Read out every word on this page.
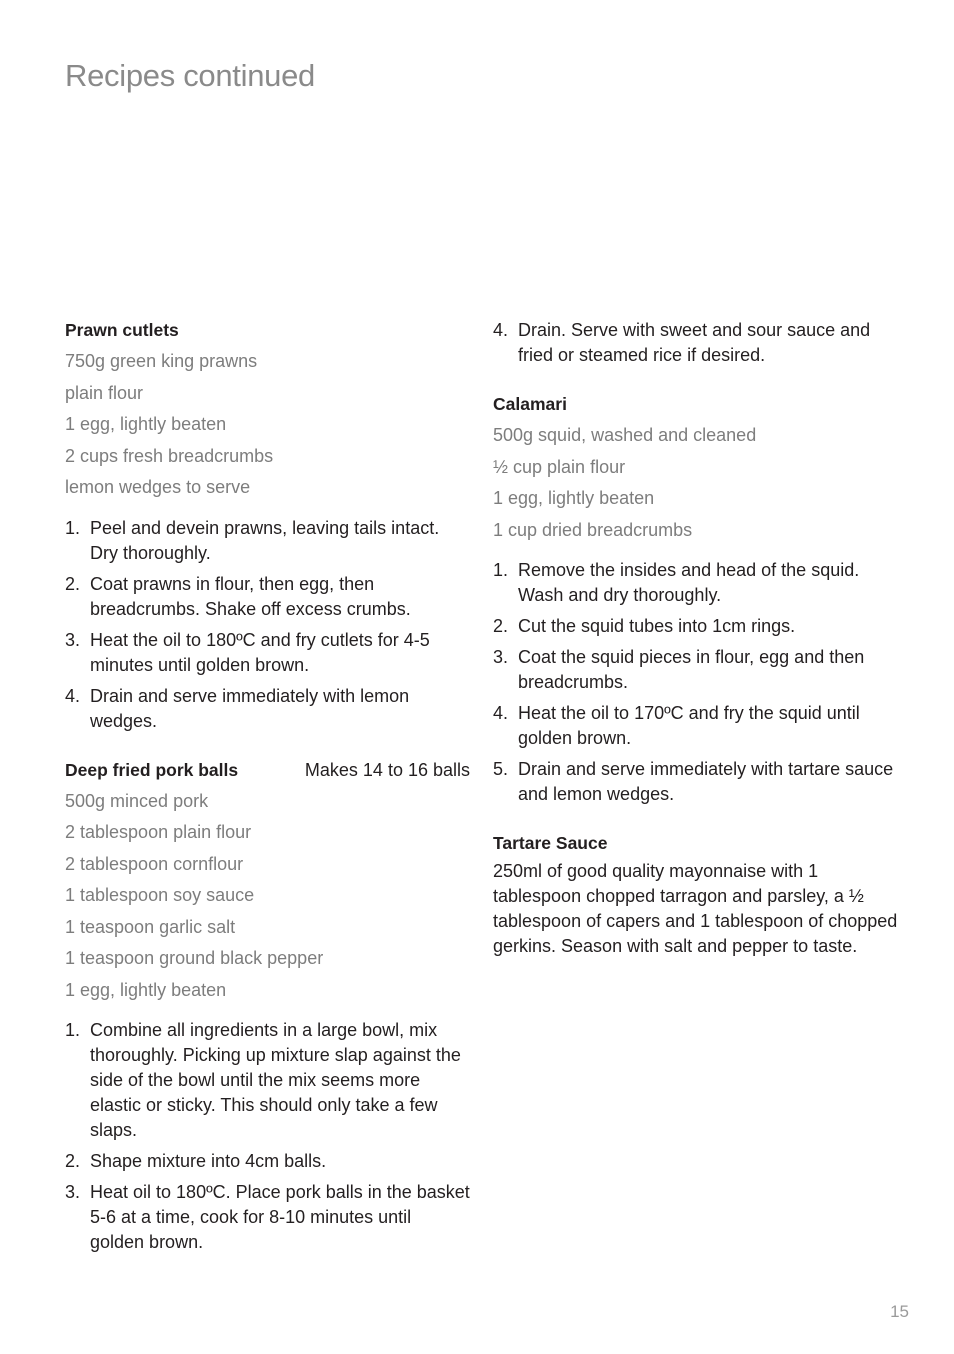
Recipes continued
Prawn cutlets
750g green king prawns
plain flour
1 egg, lightly beaten
2 cups fresh breadcrumbs
lemon wedges to serve
1. Peel and devein prawns, leaving tails intact. Dry thoroughly.
2. Coat prawns in flour, then egg, then breadcrumbs. Shake off excess crumbs.
3. Heat the oil to 180ºC and fry cutlets for 4-5 minutes until golden brown.
4. Drain and serve immediately with lemon wedges.
Deep fried pork balls	Makes 14 to 16 balls
500g minced pork
2 tablespoon plain flour
2 tablespoon cornflour
1 tablespoon soy sauce
1 teaspoon garlic salt
1 teaspoon ground black pepper
1 egg, lightly beaten
1. Combine all ingredients in a large bowl, mix thoroughly. Picking up mixture slap against the side of the bowl until the mix seems more elastic or sticky. This should only take a few slaps.
2. Shape mixture into 4cm balls.
3. Heat oil to 180ºC. Place pork balls in the basket 5-6 at a time, cook for 8-10 minutes until golden brown.
4. Drain. Serve with sweet and sour sauce and fried or steamed rice if desired.
Calamari
500g squid, washed and cleaned
½ cup plain flour
1 egg, lightly beaten
1 cup dried breadcrumbs
1. Remove the insides and head of the squid. Wash and dry thoroughly.
2. Cut the squid tubes into 1cm rings.
3. Coat the squid pieces in flour, egg and then breadcrumbs.
4. Heat the oil to 170ºC and fry the squid until golden brown.
5. Drain and serve immediately with tartare sauce and lemon wedges.
Tartare Sauce

250ml of good quality mayonnaise with 1 tablespoon chopped tarragon and parsley, a ½ tablespoon of capers and 1 tablespoon of chopped gerkins. Season with salt and pepper to taste.

15
